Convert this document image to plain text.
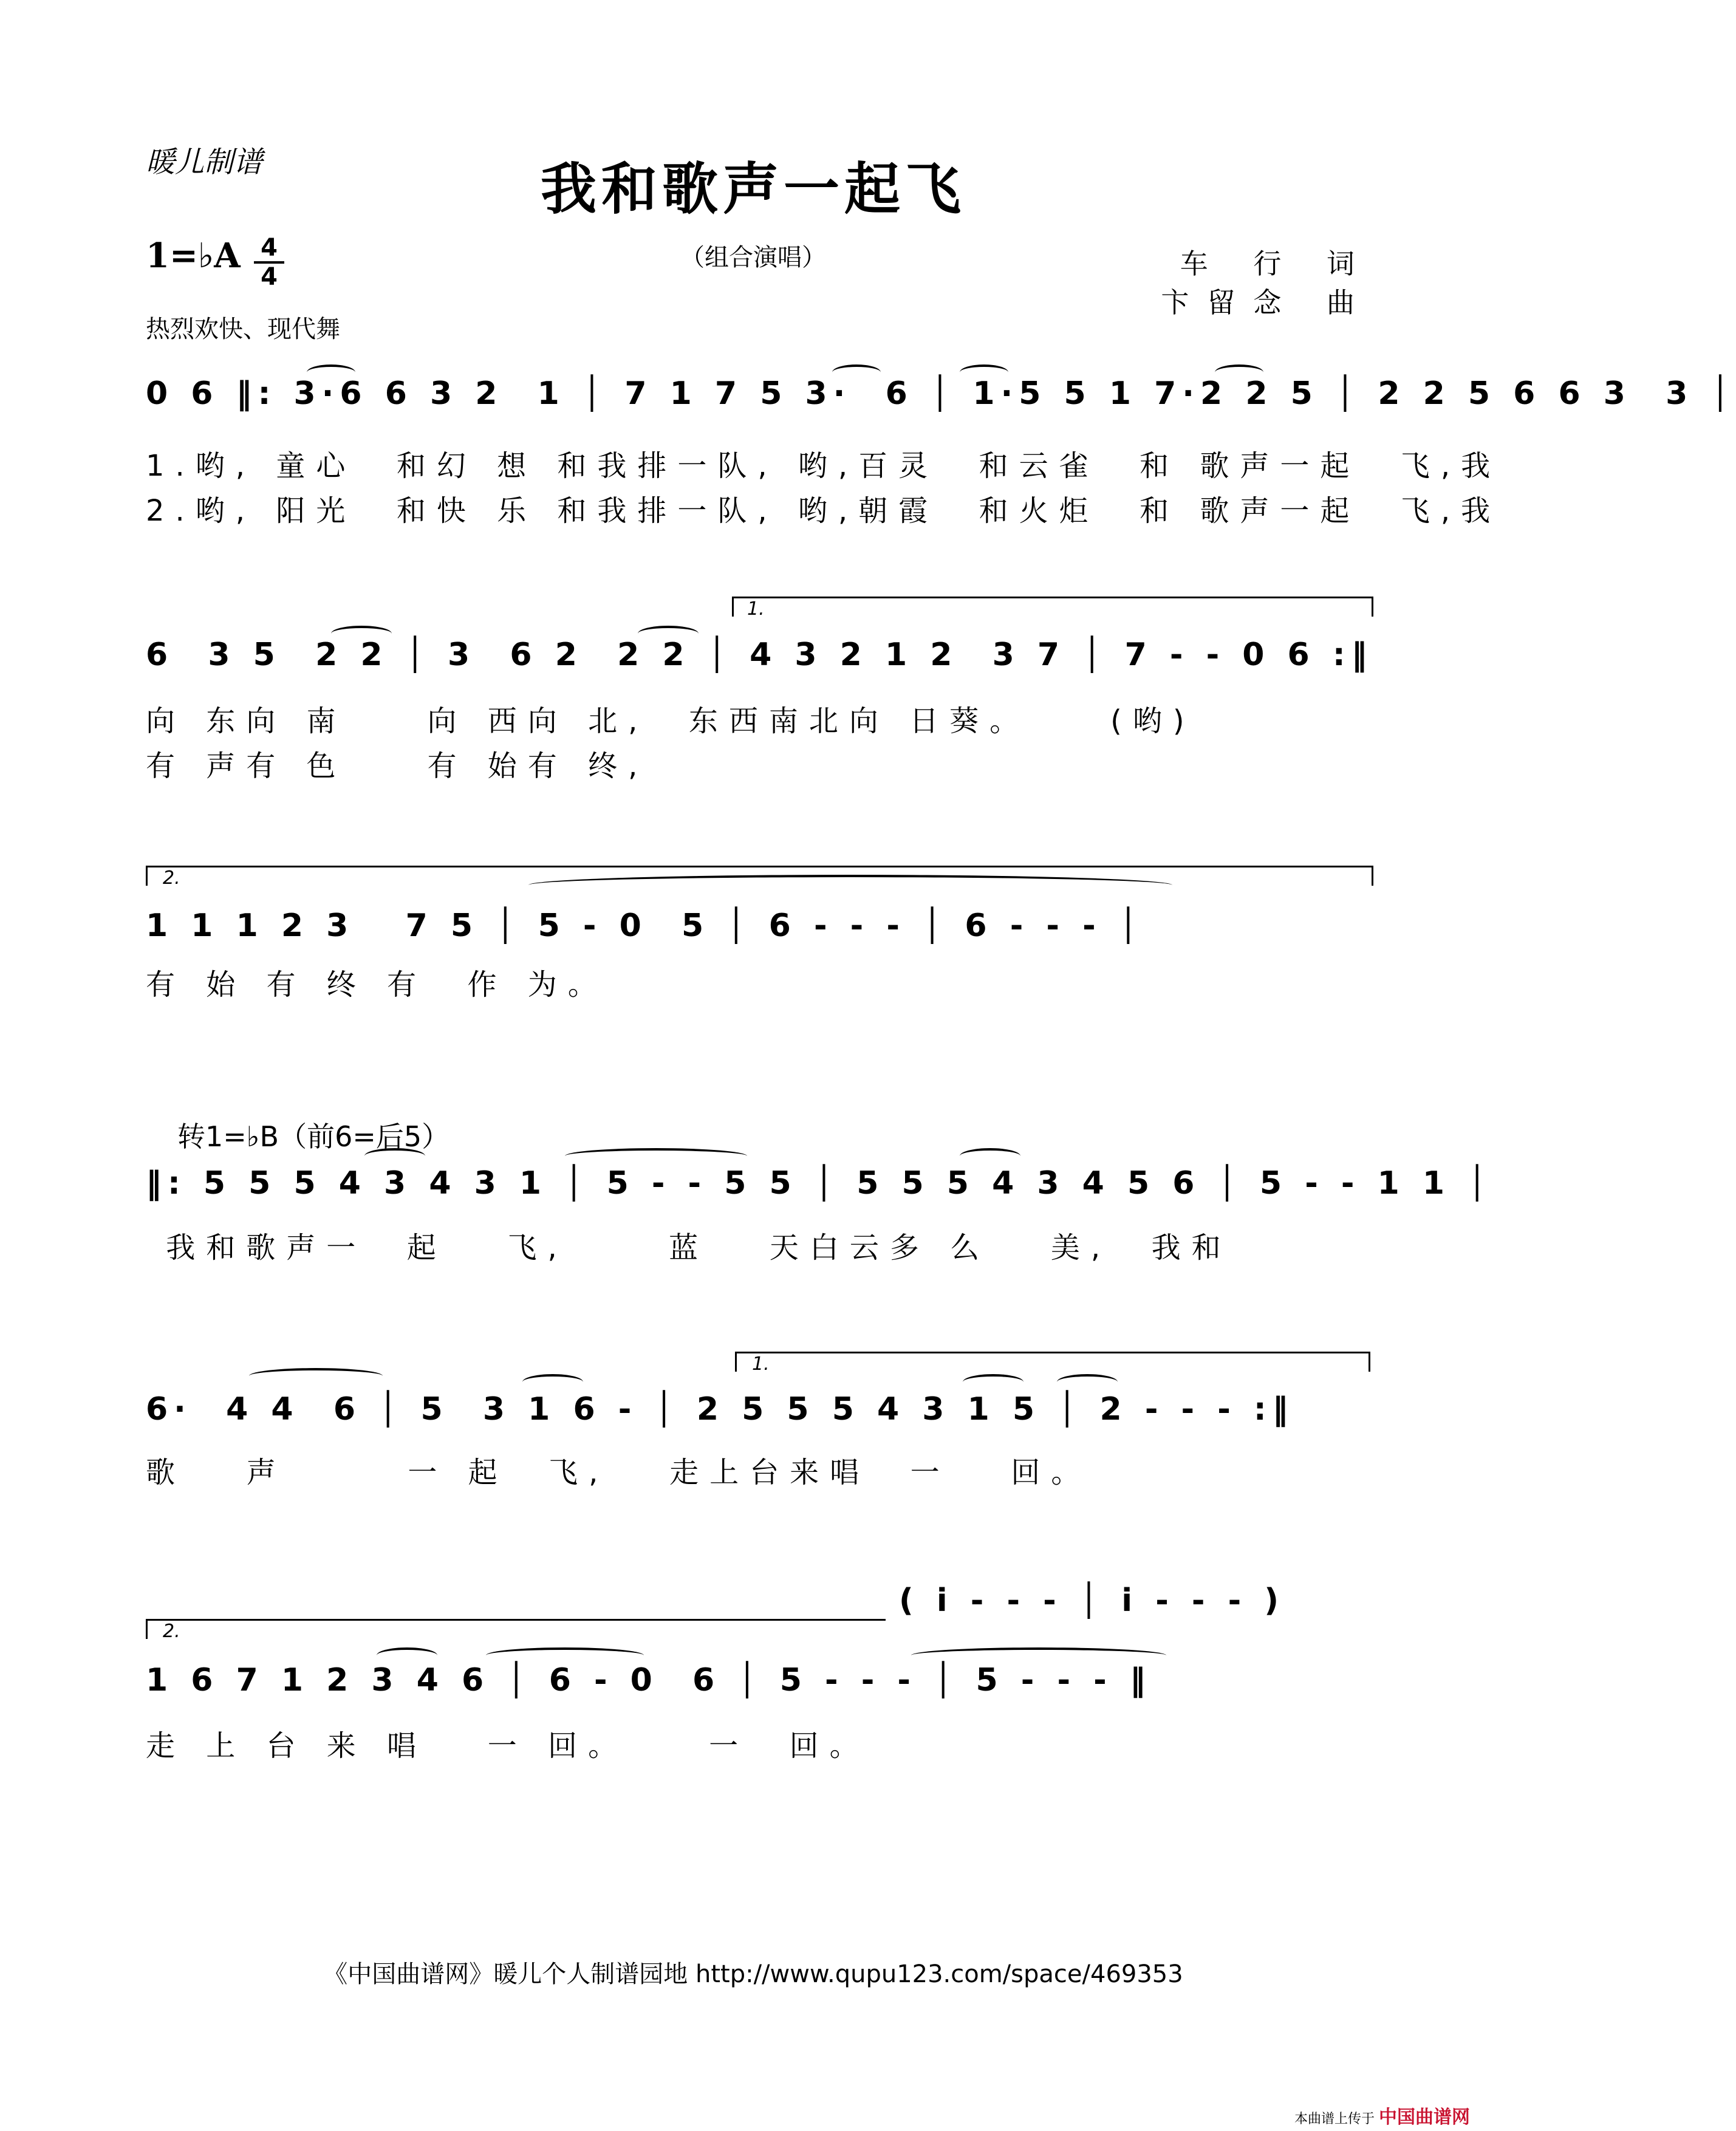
暖儿制谱	我和歌声一起飞
（组合演唱）	车 行 词
卞留念 曲
1=♭A 4
4
热烈欢快、现代舞
0 6 ‖: 3·6 6 3 2  1 │ 7 1 7 5 3·  6 │ 1·5 5 1 7·2 2 5 │ 2 2 5 6 6 3  3 │
1.哟, 童心  和幻 想 和我排一队, 哟,百灵  和云雀  和 歌声一起  飞,我
2.哟, 阳光  和快 乐 和我排一队, 哟,朝霞  和火炬  和 歌声一起  飞,我
1.
6  3 5  2 2 │ 3  6 2  2 2 │ 4 3 2 1 2  3 7 │ 7 - - 0 6 :‖
向 东向 南    向 西向 北,  东西南北向 日葵。    (哟)
有 声有 色    有 始有 终,
2.
1 1 1 2 3   7 5 │ 5 - 0  5 │ 6 - - - │ 6 - - - │
有 始 有 终 有  作 为。
转1=♭B（前6=后5）
‖: 5 5 5 4 3 4 3 1 │ 5 - - 5 5 │ 5 5 5 4 3 4 5 6 │ 5 - - 1 1 │
我和歌声一  起   飞,     蓝   天白云多 么   美,  我和
1.
6·  4 4  6 │ 5  3 1 6 - │ 2 5 5 5 4 3 1 5 │ 2 - - - :‖
歌   声      一 起  飞,   走上台来唱  一   回。
( i - - - │ i - - - )
2.
1 6 7 1 2 3 4 6 │ 6 - 0  6 │ 5 - - - │ 5 - - - ‖
走 上 台 来 唱   一 回。    一  回。
《中国曲谱网》暖儿个人制谱园地 http://www.qupu123.com/space/469353
本曲谱上传于 中国曲谱网
